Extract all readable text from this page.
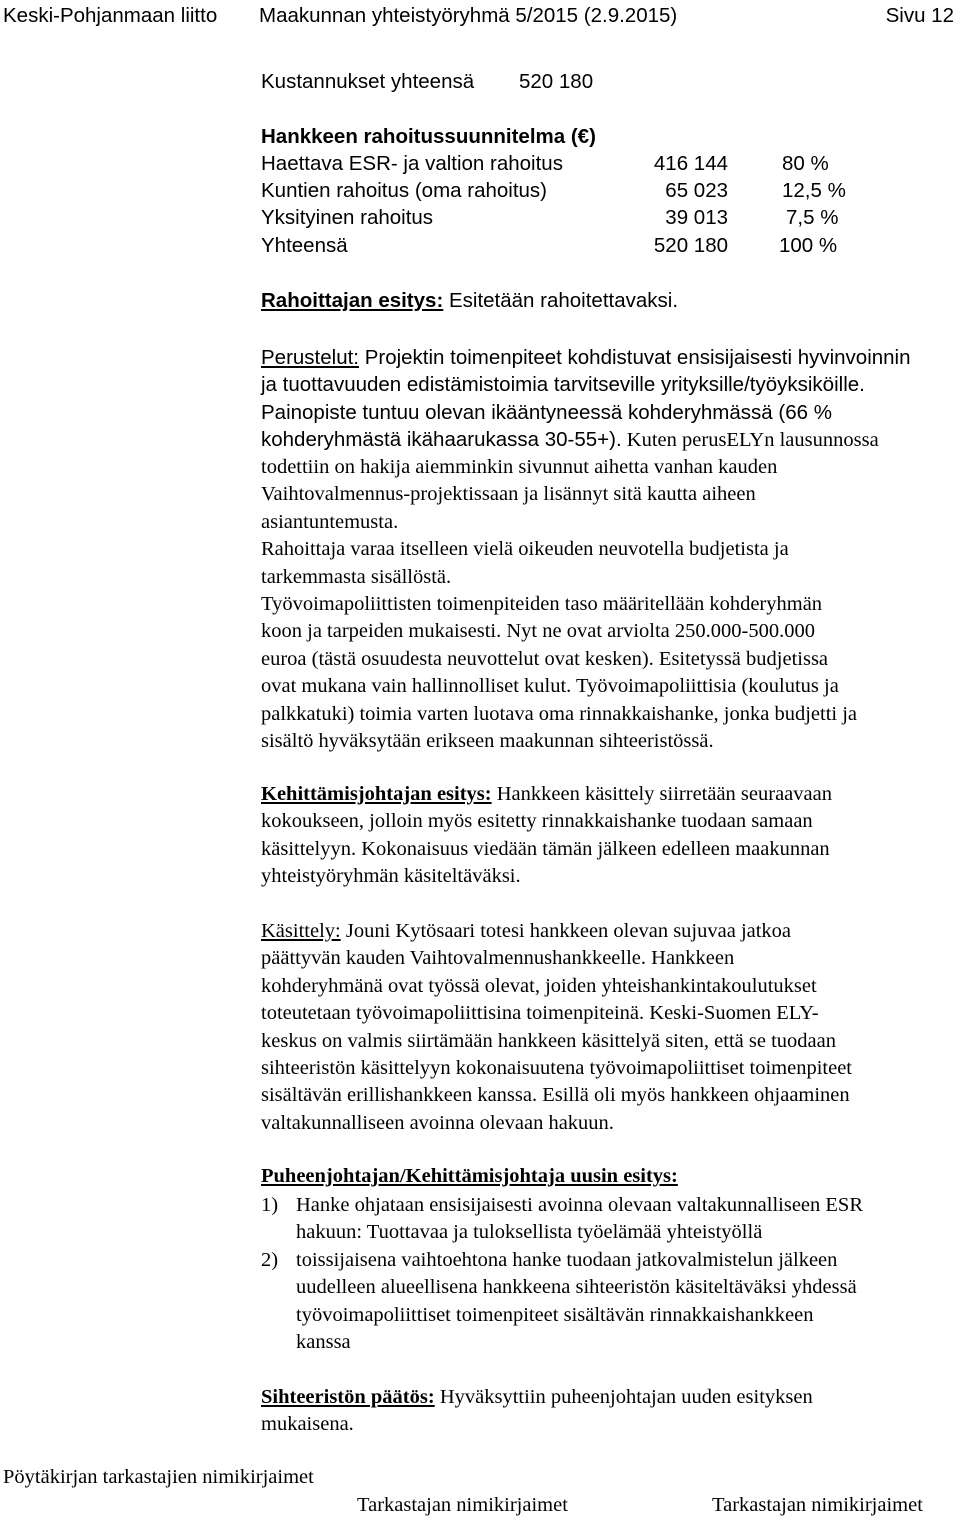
Keski-Pohjanmaan liitto Maakunnan yhteistyöryhmä 5/2015 (2.9.2015)	Sivu 12
Kustannukset yhteensä 520 180
Hankkeen rahoitussuunnitelma (€)
Haettava ESR- ja valtion rahoitus	416 144	80 %
Kuntien rahoitus (oma rahoitus)	65 023	12,5 %
Yksityinen rahoitus	39 013	7,5 %
Yhteensä	520 180 100 %
Rahoittajan esitys: Esitetään rahoitettavaksi.
Perustelut: Projektin toimenpiteet kohdistuvat ensisijaisesti hyvinvoinnin
ja tuottavuuden edistämistoimia tarvitseville yrityksille/työyksiköille.
Painopiste tuntuu olevan ikääntyneessä kohderyhmässä (66 %
kohderyhmästä ikähaarukassa 30-55+). Kuten perusELYn lausunnossa
todettiin on hakija aiemminkin sivunnut aihetta vanhan kauden
Vaihtovalmennus-projektissaan ja lisännyt sitä kautta aiheen
asiantuntemusta.
Rahoittaja varaa itselleen vielä oikeuden neuvotella budjetista ja
tarkemmasta sisällöstä.
Työvoimapoliittisten toimenpiteiden taso määritellään kohderyhmän
koon ja tarpeiden mukaisesti. Nyt ne ovat arviolta 250.000-500.000
euroa (tästä osuudesta neuvottelut ovat kesken). Esitetyssä budjetissa
ovat mukana vain hallinnolliset kulut. Työvoimapoliittisia (koulutus ja
palkkatuki) toimia varten luotava oma rinnakkaishanke, jonka budjetti ja
sisältö hyväksytään erikseen maakunnan sihteeristössä.
Kehittämisjohtajan esitys: Hankkeen käsittely siirretään seuraavaan
kokoukseen, jolloin myös esitetty rinnakkaishanke tuodaan samaan
käsittelyyn. Kokonaisuus viedään tämän jälkeen edelleen maakunnan
yhteistyöryhmän käsiteltäväksi.
Käsittely: Jouni Kytösaari totesi hankkeen olevan sujuvaa jatkoa
päättyvän kauden Vaihtovalmennushankkeelle. Hankkeen
kohderyhmänä ovat työssä olevat, joiden yhteishankintakoulutukset
toteutetaan työvoimapoliittisina toimenpiteinä. Keski-Suomen ELY-
keskus on valmis siirtämään hankkeen käsittelyä siten, että se tuodaan
sihteeristön käsittelyyn kokonaisuutena työvoimapoliittiset toimenpiteet
sisältävän erillishankkeen kanssa. Esillä oli myös hankkeen ohjaaminen
valtakunnalliseen avoinna olevaan hakuun.
Puheenjohtajan/Kehittämisjohtaja uusin esitys:
1) Hanke ohjataan ensisijaisesti avoinna olevaan valtakunnalliseen ESR
hakuun: Tuottavaa ja tuloksellista työelämää yhteistyöllä
2) toissijaisena vaihtoehtona hanke tuodaan jatkovalmistelun jälkeen
uudelleen alueellisena hankkeena sihteeristön käsiteltäväksi yhdessä
työvoimapoliittiset toimenpiteet sisältävän rinnakkaishankkeen
kanssa
Sihteeristön päätös: Hyväksyttiin puheenjohtajan uuden esityksen
mukaisena.
Pöytäkirjan tarkastajien nimikirjaimet
Tarkastajan nimikirjaimet	Tarkastajan nimikirjaimet
